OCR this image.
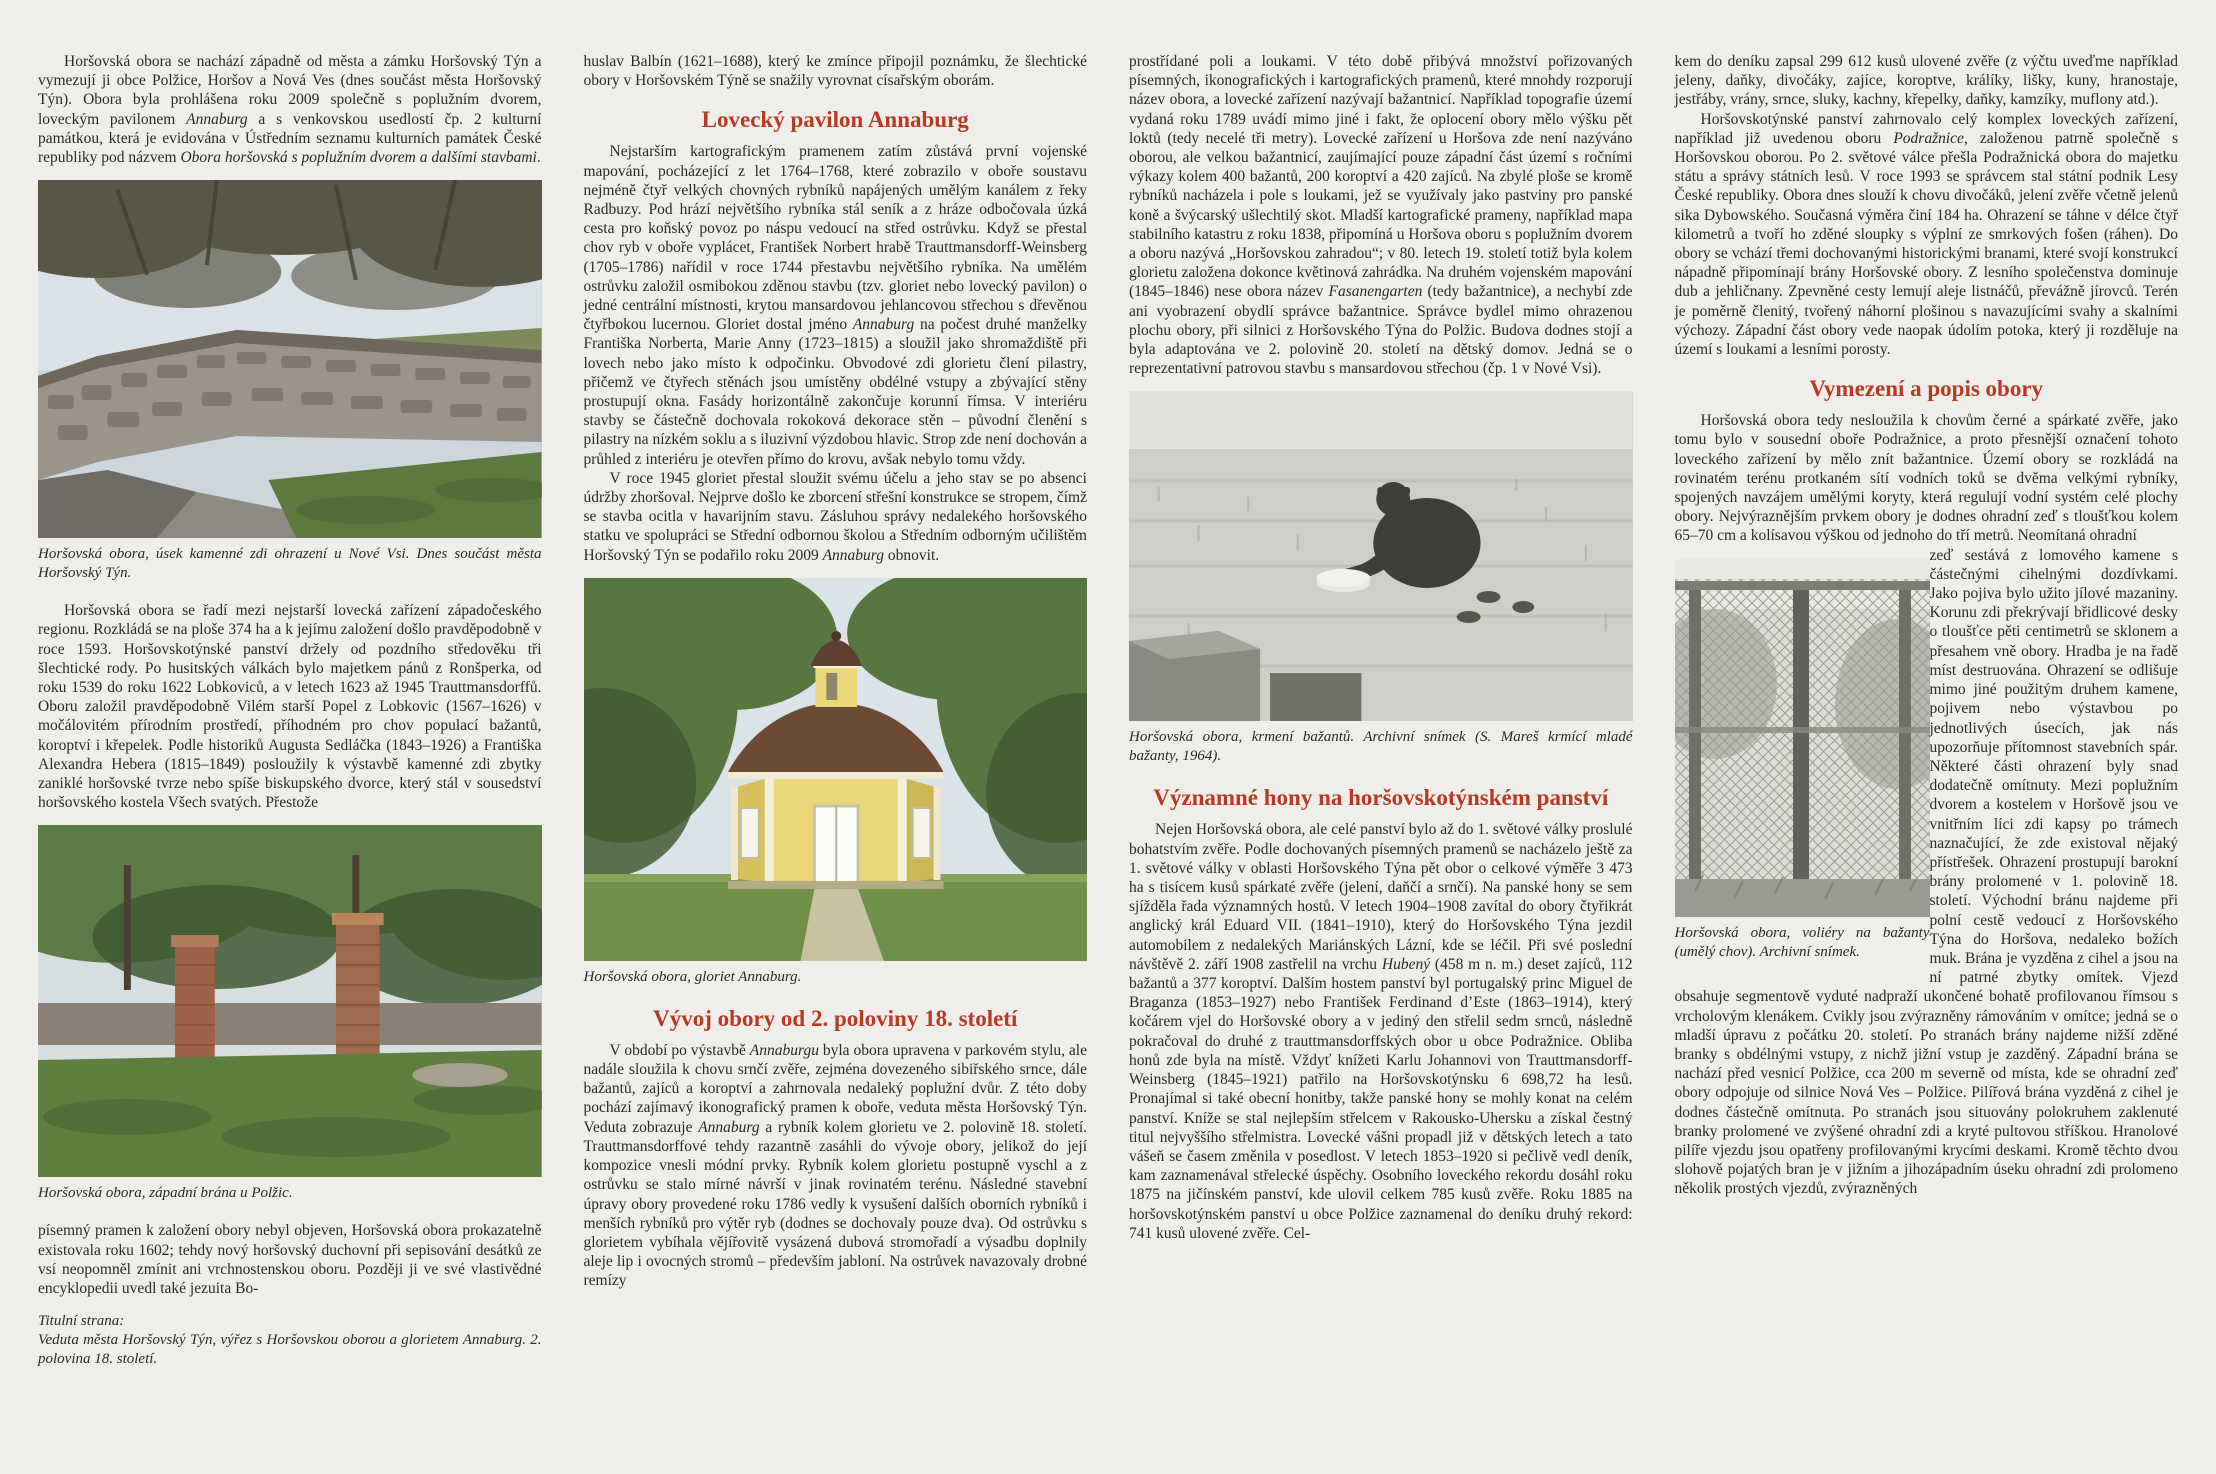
Horšovská obora se nachází západně od města a zámku Horšovský Týn a vymezují ji obce Polžice, Horšov a Nová Ves (dnes součást města Horšovský Týn). Obora byla prohlášena roku 2009 společně s poplužním dvorem, loveckým pavilonem Annaburg a s venkovskou usedlostí čp. 2 kulturní památkou, která je evidována v Ústředním seznamu kulturních památek České republiky pod názvem Obora horšovská s poplužním dvorem a dalšími stavbami.

Horšovská obora, úsek kamenné zdi ohrazení u Nové Vsi. Dnes součást města Horšovský Týn.

Horšovská obora se řadí mezi nejstarší lovecká zařízení západočeského regionu. Rozkládá se na ploše 374 ha a k jejímu založení došlo pravděpodobně v roce 1593. Horšovskotýnské panství držely od pozdního středověku tři šlechtické rody. Po husitských válkách bylo majetkem pánů z Ronšperka, od roku 1539 do roku 1622 Lobkoviců, a v letech 1623 až 1945 Trauttmansdorffů. Oboru založil pravděpodobně Vilém starší Popel z Lobkovic (1567–1626) v močálovitém přírodním prostředí, příhodném pro chov populací bažantů, koroptví i křepelek. Podle historiků Augusta Sedláčka (1843–1926) a Františka Alexandra Hebera (1815–1849) posloužily k výstavbě kamenné zdi zbytky zaniklé horšovské tvrze nebo spíše biskupského dvorce, který stál v sousedství horšovského kostela Všech svatých. Přestože

Horšovská obora, západní brána u Polžic.

písemný pramen k založení obory nebyl objeven, Horšovská obora prokazatelně existovala roku 1602; tehdy nový horšovský duchovní při sepisování desátků ze vsí neopomněl zmínit ani vrchnostenskou oboru. Později ji ve své vlastivědné encyklopedii uvedl také jezuita Bo-

Titulní strana:

Veduta města Horšovský Týn, výřez s Horšovskou oborou a glorietem Annaburg. 2. polovina 18. století.

huslav Balbín (1621–1688), který ke zmínce připojil poznámku, že šlechtické obory v Horšovském Týně se snažily vyrovnat císařským oborám.

Lovecký pavilon Annaburg

Nejstarším kartografickým pramenem zatím zůstává první vojenské mapování, pocházející z let 1764–1768, které zobrazilo v oboře soustavu nejméně čtyř velkých chovných rybníků napájených umělým kanálem z řeky Radbuzy. Pod hrází největšího rybníka stál seník a z hráze odbočovala úzká cesta pro koňský povoz po náspu vedoucí na střed ostrůvku. Když se přestal chov ryb v oboře vyplácet, František Norbert hrabě Trauttmansdorff-Weinsberg (1705–1786) nařídil v roce 1744 přestavbu největšího rybníka. Na umělém ostrůvku založil osmibokou zděnou stavbu (tzv. gloriet nebo lovecký pavilon) o jedné centrální místnosti, krytou mansardovou jehlancovou střechou s dřevěnou čtyřbokou lucernou. Gloriet dostal jméno Annaburg na počest druhé manželky Františka Norberta, Marie Anny (1723–1815) a sloužil jako shromaždiště při lovech nebo jako místo k odpočinku. Obvodové zdi glorietu člení pilastry, přičemž ve čtyřech stěnách jsou umístěny obdélné vstupy a zbývající stěny prostupují okna. Fasády horizontálně zakončuje korunní římsa. V interiéru stavby se částečně dochovala rokoková dekorace stěn – původní členění s pilastry na nízkém soklu a s iluzivní výzdobou hlavic. Strop zde není dochován a průhled z interiéru je otevřen přímo do krovu, avšak nebylo tomu vždy.

V roce 1945 gloriet přestal sloužit svému účelu a jeho stav se po absenci údržby zhoršoval. Nejprve došlo ke zborcení střešní konstrukce se stropem, čímž se stavba ocitla v havarijním stavu. Zásluhou správy nedalekého horšovského statku ve spolupráci se Střední odbornou školou a Středním odborným učilištěm Horšovský Týn se podařilo roku 2009 Annaburg obnovit.

Horšovská obora, gloriet Annaburg.
Vývoj obory od 2. poloviny 18. století

V období po výstavbě Annaburgu byla obora upravena v parkovém stylu, ale nadále sloužila k chovu srnčí zvěře, zejména dovezeného sibiřského srnce, dále bažantů, zajíců a koroptví a zahrnovala nedaleký poplužní dvůr. Z této doby pochází zajímavý ikonografický pramen k oboře, veduta města Horšovský Týn. Veduta zobrazuje Annaburg a rybník kolem glorietu ve 2. polovině 18. století. Trauttmansdorffové tehdy razantně zasáhli do vývoje obory, jelikož do její kompozice vnesli módní prvky. Rybník kolem glorietu postupně vyschl a z ostrůvku se stalo mírné návrší v jinak rovinatém terénu. Následné stavební úpravy obory provedené roku 1786 vedly k vysušení dalších oborních rybníků i menších rybníků pro výtěr ryb (dodnes se dochovaly pouze dva). Od ostrůvku s glorietem vybíhala vějířovitě vysázená dubová stromořadí a výsadbu doplnily aleje lip i ovocných stromů – především jabloní. Na ostrůvek navazovaly drobné remízy

prostřídané poli a loukami. V této době přibývá množství pořizovaných písemných, ikonografických i kartografických pramenů, které mnohdy rozporují název obora, a lovecké zařízení nazývají bažantnicí. Například topografie území vydaná roku 1789 uvádí mimo jiné i fakt, že oplocení obory mělo výšku pět loktů (tedy necelé tři metry). Lovecké zařízení u Horšova zde není nazýváno oborou, ale velkou bažantnicí, zaujímající pouze západní část území s ročními výkazy kolem 400 bažantů, 200 koroptví a 420 zajíců. Na zbylé ploše se kromě rybníků nacházela i pole s loukami, jež se využívaly jako pastviny pro panské koně a švýcarský ušlechtilý skot. Mladší kartografické prameny, například mapa stabilního katastru z roku 1838, připomíná u Horšova oboru s poplužním dvorem a oboru nazývá „Horšovskou zahradou“; v 80. letech 19. století totiž byla kolem glorietu založena dokonce květinová zahrádka. Na druhém vojenském mapování (1845–1846) nese obora název Fasanengarten (tedy bažantnice), a nechybí zde ani vyobrazení obydlí správce bažantnice. Správce bydlel mimo ohrazenou plochu obory, při silnici z Horšovského Týna do Polžic. Budova dodnes stojí a byla adaptována ve 2. polovině 20. století na dětský domov. Jedná se o reprezentativní patrovou stavbu s mansardovou střechou (čp. 1 v Nové Vsi).

Horšovská obora, krmení bažantů. Archivní snímek (S. Mareš krmící mladé bažanty, 1964).
Významné hony na horšovskotýnském panství

Nejen Horšovská obora, ale celé panství bylo až do 1. světové války proslulé bohatstvím zvěře. Podle dochovaných písemných pramenů se nacházelo ještě za 1. světové války v oblasti Horšovského Týna pět obor o celkové výměře 3 473 ha s tisícem kusů spárkaté zvěře (jelení, daňčí a srnčí). Na panské hony se sem sjížděla řada významných hostů. V letech 1904–1908 zavítal do obory čtyřikrát anglický král Eduard VII. (1841–1910), který do Horšovského Týna jezdil automobilem z nedalekých Mariánských Lázní, kde se léčil. Při své poslední návštěvě 2. září 1908 zastřelil na vrchu Hubený (458 m n. m.) deset zajíců, 112 bažantů a 377 koroptví. Dalším hostem panství byl portugalský princ Miguel de Braganza (1853–1927) nebo František Ferdinand d’Este (1863–1914), který kočárem vjel do Horšovské obory a v jediný den střelil sedm srnců, následně pokračoval do druhé z trauttmansdorffských obor u obce Podražnice. Obliba honů zde byla na místě. Vždyť knížeti Karlu Johannovi von Trauttmansdorff-Weinsberg (1845–1921) patřilo na Horšovskotýnsku 6 698,72 ha lesů. Pronajímal si také obecní honitby, takže panské hony se mohly konat na celém panství. Kníže se stal nejlepším střelcem v Rakousko-Uhersku a získal čestný titul nejvyššího střelmistra. Lovecké vášni propadl již v dětských letech a tato vášeň se časem změnila v posedlost. V letech 1853–1920 si pečlivě vedl deník, kam zaznamenával střelecké úspěchy. Osobního loveckého rekordu dosáhl roku 1875 na jičínském panství, kde ulovil celkem 785 kusů zvěře. Roku 1885 na horšovskotýnském panství u obce Polžice zaznamenal do deníku druhý rekord: 741 kusů ulovené zvěře. Cel-

kem do deníku zapsal 299 612 kusů ulovené zvěře (z výčtu uveďme například jeleny, daňky, divočáky, zajíce, koroptve, králíky, lišky, kuny, hranostaje, jestřáby, vrány, srnce, sluky, kachny, křepelky, daňky, kamzíky, muflony atd.).

Horšovskotýnské panství zahrnovalo celý komplex loveckých zařízení, například již uvedenou oboru Podražnice, založenou patrně společně s Horšovskou oborou. Po 2. světové válce přešla Podražnická obora do majetku státu a správy státních lesů. V roce 1993 se správcem stal státní podnik Lesy České republiky. Obora dnes slouží k chovu divočáků, jelení zvěře včetně jelenů sika Dybowského. Současná výměra činí 184 ha. Ohrazení se táhne v délce čtyř kilometrů a tvoří ho zděné sloupky s výplní ze smrkových fošen (ráhen). Do obory se vchází třemi dochovanými historickými branami, které svojí konstrukcí nápadně připomínají brány Horšovské obory. Z lesního společenstva dominuje dub a jehličnany. Zpevněné cesty lemují aleje listnáčů, převážně jírovců. Terén je poměrně členitý, tvořený náhorní plošinou s navazujícími svahy a skalními výchozy. Západní část obory vede naopak údolím potoka, který ji rozděluje na území s loukami a lesními porosty.

Vymezení a popis obory

Horšovská obora tedy nesloužila k chovům černé a spárkaté zvěře, jako tomu bylo v sousední oboře Podražnice, a proto přesnější označení tohoto loveckého zařízení by mělo znít bažantnice. Území obory se rozkládá na rovinatém terénu protkaném sítí vodních toků se dvěma velkými rybníky, spojených navzájem umělými koryty, která regulují vodní systém celé plochy obory. Nejvýraznějším prvkem obory je dodnes ohradní zeď s tloušťkou kolem 65–70 cm a kolísavou výškou od jednoho do tří metrů. Neomítaná ohradní

Horšovská obora, voliéry na bažanty (umělý chov). Archivní snímek.

zeď sestává z lomového kamene s částečnými cihelnými dozdívkami. Jako pojiva bylo užito jílové mazaniny. Korunu zdi překrývají břidlicové desky o tloušťce pěti centimetrů se sklonem a přesahem vně obory. Hradba je na řadě míst destruována. Ohrazení se odlišuje mimo jiné použitým druhem kamene, pojivem nebo výstavbou po jednotlivých úsecích, jak nás upozorňuje přítomnost stavebních spár. Některé části ohrazení byly snad dodatečně omítnuty. Mezi poplužním dvorem a kostelem v Horšově jsou ve vnitřním líci zdi kapsy po trámech naznačující, že zde existoval nějaký přístřešek. Ohrazení prostupují barokní brány prolomené v 1. polovině 18. století. Východní bránu najdeme při polní cestě vedoucí z Horšovského Týna do Horšova, nedaleko božích muk. Brána je vyzděna z cihel a jsou na ní patrné zbytky omítek. Vjezd obsahuje segmentově vyduté nadpraží ukončené bohatě profilovanou římsou s vrcholovým klenákem. Cvikly jsou zvýrazněny rámováním v omítce; jedná se o mladší úpravu z počátku 20. století. Po stranách brány najdeme nižší zděné branky s obdélnými vstupy, z nichž jižní vstup je zazděný. Západní brána se nachází před vesnicí Polžice, cca 200 m severně od místa, kde se ohradní zeď obory odpojuje od silnice Nová Ves – Polžice. Pilířová brána vyzděná z cihel je dodnes částečně omítnuta. Po stranách jsou situovány polokruhem zaklenuté branky prolomené ve zvýšené ohradní zdi a kryté pultovou stříškou. Hranolové pilíře vjezdu jsou opatřeny profilovanými krycími deskami. Kromě těchto dvou slohově pojatých bran je v jižním a jihozápadním úseku ohradní zdi prolomeno několik prostých vjezdů, zvýrazněných
